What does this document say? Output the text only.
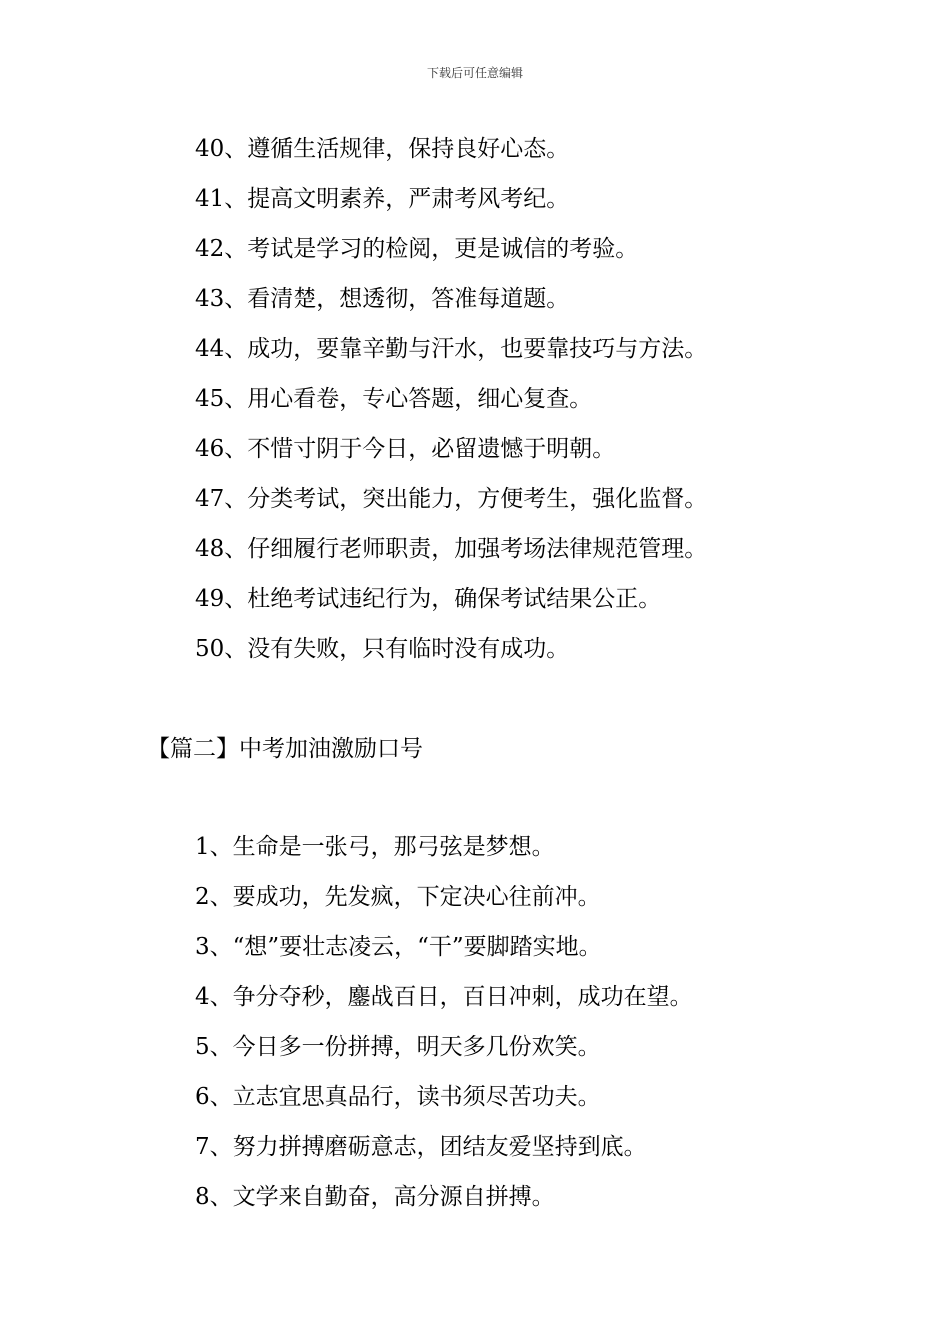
下载后可任意编辑
40、遵循生活规律，保持良好心态。
41、提高文明素养，严肃考风考纪。
42、考试是学习的检阅，更是诚信的考验。
43、看清楚，想透彻，答准每道题。
44、成功，要靠辛勤与汗水，也要靠技巧与方法。
45、用心看卷，专心答题，细心复查。
46、不惜寸阴于今日，必留遗憾于明朝。
47、分类考试，突出能力，方便考生，强化监督。
48、仔细履行老师职责，加强考场法律规范管理。
49、杜绝考试违纪行为，确保考试结果公正。
50、没有失败，只有临时没有成功。
【篇二】中考加油激励口号
1、生命是一张弓，那弓弦是梦想。
2、要成功，先发疯，下定决心往前冲。
3、“想”要壮志凌云，“干”要脚踏实地。
4、争分夺秒，鏖战百日，百日冲刺，成功在望。
5、今日多一份拼搏，明天多几份欢笑。
6、立志宜思真品行，读书须尽苦功夫。
7、努力拼搏磨砺意志，团结友爱坚持到底。
8、文学来自勤奋，高分源自拼搏。
